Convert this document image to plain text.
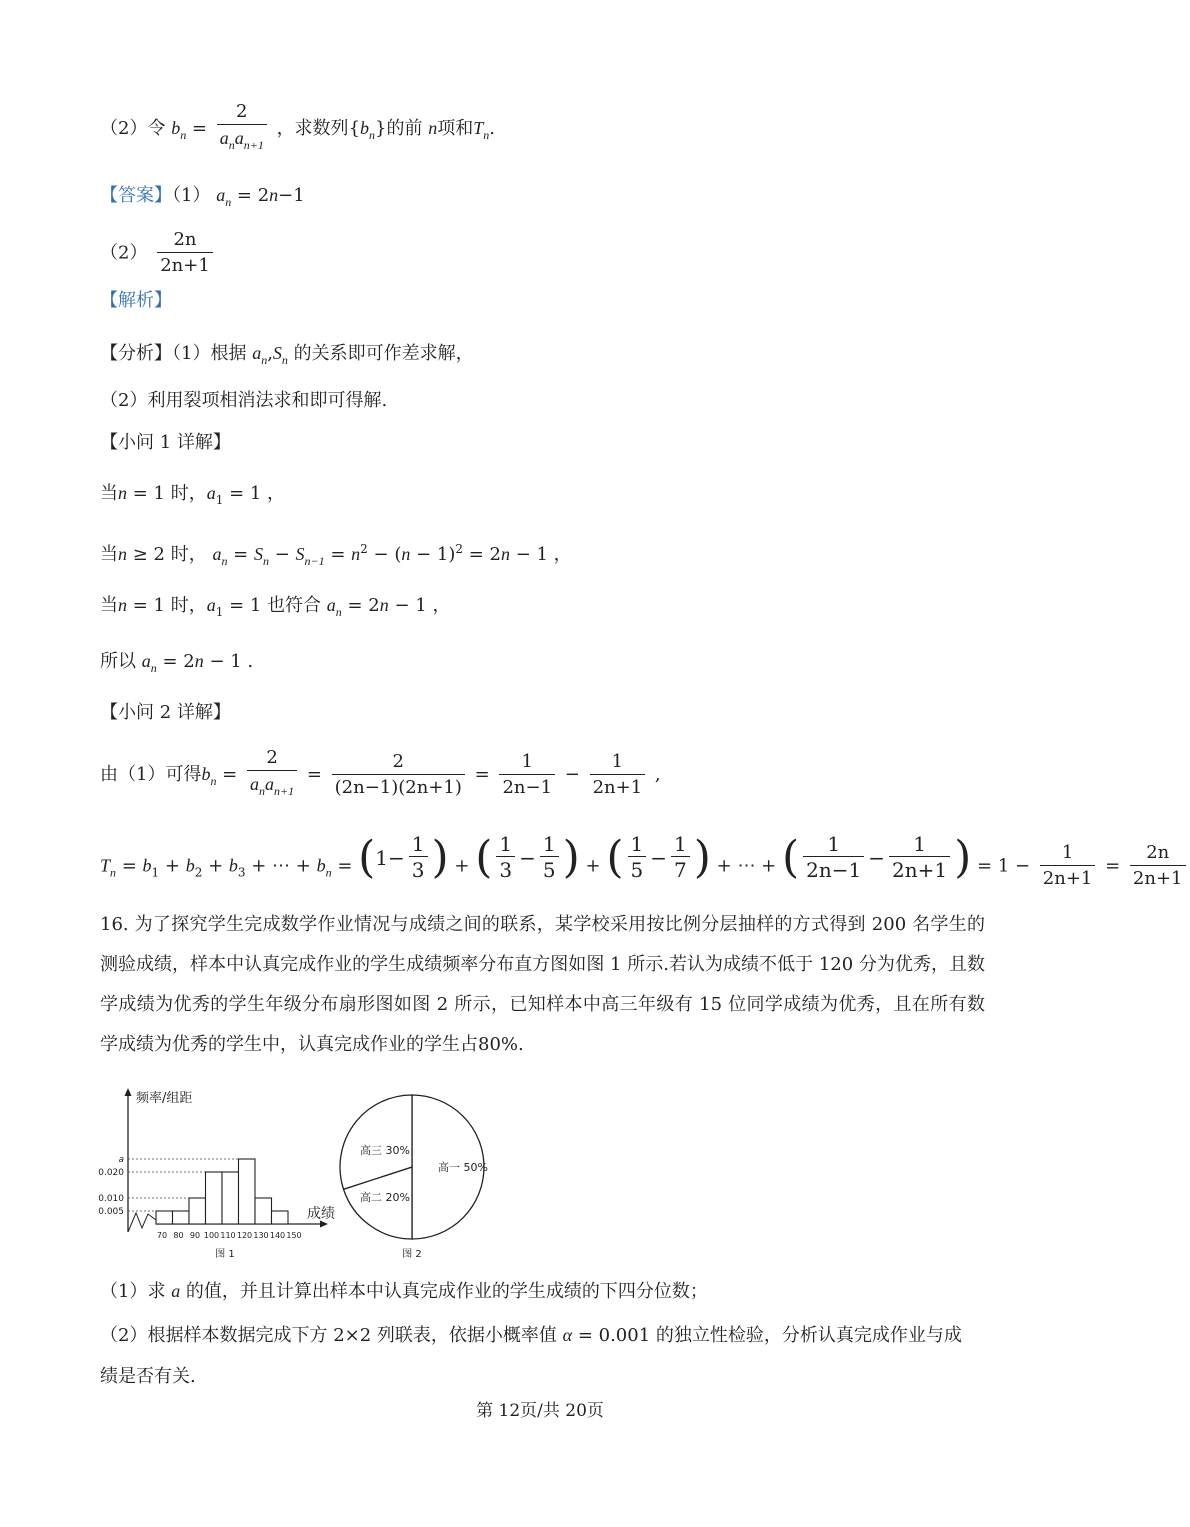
（2）令 $b_n = \frac{2}{a_na_{n+1}}$ ，求数列$\{b_n\}$的前 n项和$T_n$.
【答案】（1） $a_n = 2n-1$
$(2) \frac{2n}{2n+1}$
【解析】
【分析】（1）根据 $a_n,S_n$ 的关系即可作差求解，
（2）利用裂项相消法求和即可得解.
【小问 1 详解】
当n = 1 时，$a_1 = 1$ ，
当n ≥ 2 时， $a_n = S_n - S_{n-1} = n^2 - (n - 1)^2 = 2n - 1$ ，
当n = 1 时，$a_1 = 1$ 也符合 $a_n = 2n - 1$ ，
所以 $a_n = 2n - 1$ .
【小问 2 详解】
由（1）可得$b_n = \frac{2}{a_na_{n+1}} = \frac{2}{(2n-1)(2n+1)} = \frac{1}{2n-1} - \frac{1}{2n+1}$ ,
$T_n = b_1 + b_2 + b_3$ + ⋯ + $b_n$ = ( $1 - \frac{1}{3}$ ) + ( $\frac{1}{3} - \frac{1}{5}$ ) + ( $\frac{1}{5} - \frac{1}{7}$ ) + ⋯ + ( $\frac{1}{2n-1} - \frac{1}{2n+1}$ ) = $1 - \frac{1}{2n+1} = \frac{2n}{2n+1}$
16. 为了探究学生完成数学作业情况与成绩之间的联系，某学校采用按比例分层抽样的方式得到 200 名学生的测验成绩，样本中认真完成作业的学生成绩频率分布直方图如图 1 所示.若认为成绩不低于 120 分为优秀，且数学成绩为优秀的学生年级分布扇形图如图 2 所示，已知样本中高三年级有 15 位同学成绩为优秀，且在所有数学成绩为优秀的学生中，认真完成作业的学生占80%.
频率/组距
成绩
0.005
0.010
0.020
a
70 80 90 100 110 120 130 140 150
图 1
高一 50%
高二 20%
高三 30%
图 2
（1）求 a 的值，并且计算出样本中认真完成作业的学生成绩的下四分位数；
（2）根据样本数据完成下方 2×2 列联表，依据小概率值 α = 0.001 的独立性检验，分析认真完成作业与成
绩是否有关.
第 12页/共 20页
